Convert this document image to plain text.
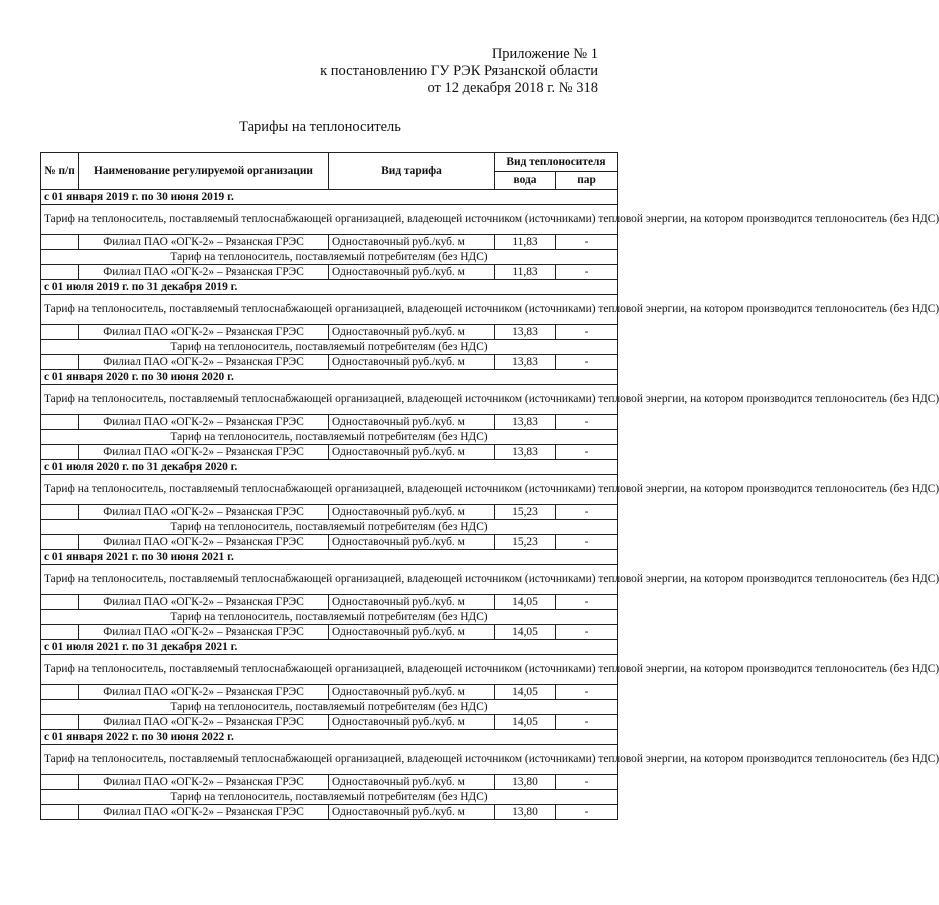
Приложение № 1
к постановлению ГУ РЭК Рязанской области
от 12 декабря 2018 г. № 318
Тарифы на теплоноситель
№ п/п	Наименование регулируемой организации	Вид тарифа	Вид теплоносителя	
			вода	пар
с 01 января 2019 г. по 30 июня 2019 г.				
Тариф на теплоноситель, поставляемый теплоснабжающей организацией, владеющей источником (источниками) тепловой энергии, на котором производится теплоноситель (без НДС)				
	Филиал ПАО «ОГК-2» – Рязанская ГРЭС	Одноставочный руб./куб. м	11,83	-
Тариф на теплоноситель, поставляемый потребителям (без НДС)				
	Филиал ПАО «ОГК-2» – Рязанская ГРЭС	Одноставочный руб./куб. м	11,83	-
с 01 июля 2019 г. по 31 декабря 2019 г.				
Тариф на теплоноситель, поставляемый теплоснабжающей организацией, владеющей источником (источниками) тепловой энергии, на котором производится теплоноситель (без НДС)				
	Филиал ПАО «ОГК-2» – Рязанская ГРЭС	Одноставочный руб./куб. м	13,83	-
Тариф на теплоноситель, поставляемый потребителям (без НДС)				
	Филиал ПАО «ОГК-2» – Рязанская ГРЭС	Одноставочный руб./куб. м	13,83	-
с 01 января 2020 г. по 30 июня 2020 г.				
Тариф на теплоноситель, поставляемый теплоснабжающей организацией, владеющей источником (источниками) тепловой энергии, на котором производится теплоноситель (без НДС)				
	Филиал ПАО «ОГК-2» – Рязанская ГРЭС	Одноставочный руб./куб. м	13,83	-
Тариф на теплоноситель, поставляемый потребителям (без НДС)				
	Филиал ПАО «ОГК-2» – Рязанская ГРЭС	Одноставочный руб./куб. м	13,83	-
с 01 июля 2020 г. по 31 декабря 2020 г.				
Тариф на теплоноситель, поставляемый теплоснабжающей организацией, владеющей источником (источниками) тепловой энергии, на котором производится теплоноситель (без НДС)				
	Филиал ПАО «ОГК-2» – Рязанская ГРЭС	Одноставочный руб./куб. м	15,23	-
Тариф на теплоноситель, поставляемый потребителям (без НДС)				
	Филиал ПАО «ОГК-2» – Рязанская ГРЭС	Одноставочный руб./куб. м	15,23	-
с 01 января 2021 г. по 30 июня 2021 г.				
Тариф на теплоноситель, поставляемый теплоснабжающей организацией, владеющей источником (источниками) тепловой энергии, на котором производится теплоноситель (без НДС)				
	Филиал ПАО «ОГК-2» – Рязанская ГРЭС	Одноставочный руб./куб. м	14,05	-
Тариф на теплоноситель, поставляемый потребителям (без НДС)				
	Филиал ПАО «ОГК-2» – Рязанская ГРЭС	Одноставочный руб./куб. м	14,05	-
с 01 июля 2021 г. по 31 декабря 2021 г.				
Тариф на теплоноситель, поставляемый теплоснабжающей организацией, владеющей источником (источниками) тепловой энергии, на котором производится теплоноситель (без НДС)				
	Филиал ПАО «ОГК-2» – Рязанская ГРЭС	Одноставочный руб./куб. м	14,05	-
Тариф на теплоноситель, поставляемый потребителям (без НДС)				
	Филиал ПАО «ОГК-2» – Рязанская ГРЭС	Одноставочный руб./куб. м	14,05	-
с 01 января 2022 г. по 30 июня 2022 г.				
Тариф на теплоноситель, поставляемый теплоснабжающей организацией, владеющей источником (источниками) тепловой энергии, на котором производится теплоноситель (без НДС)				
	Филиал ПАО «ОГК-2» – Рязанская ГРЭС	Одноставочный руб./куб. м	13,80	-
Тариф на теплоноситель, поставляемый потребителям (без НДС)				
	Филиал ПАО «ОГК-2» – Рязанская ГРЭС	Одноставочный руб./куб. м	13,80	-
